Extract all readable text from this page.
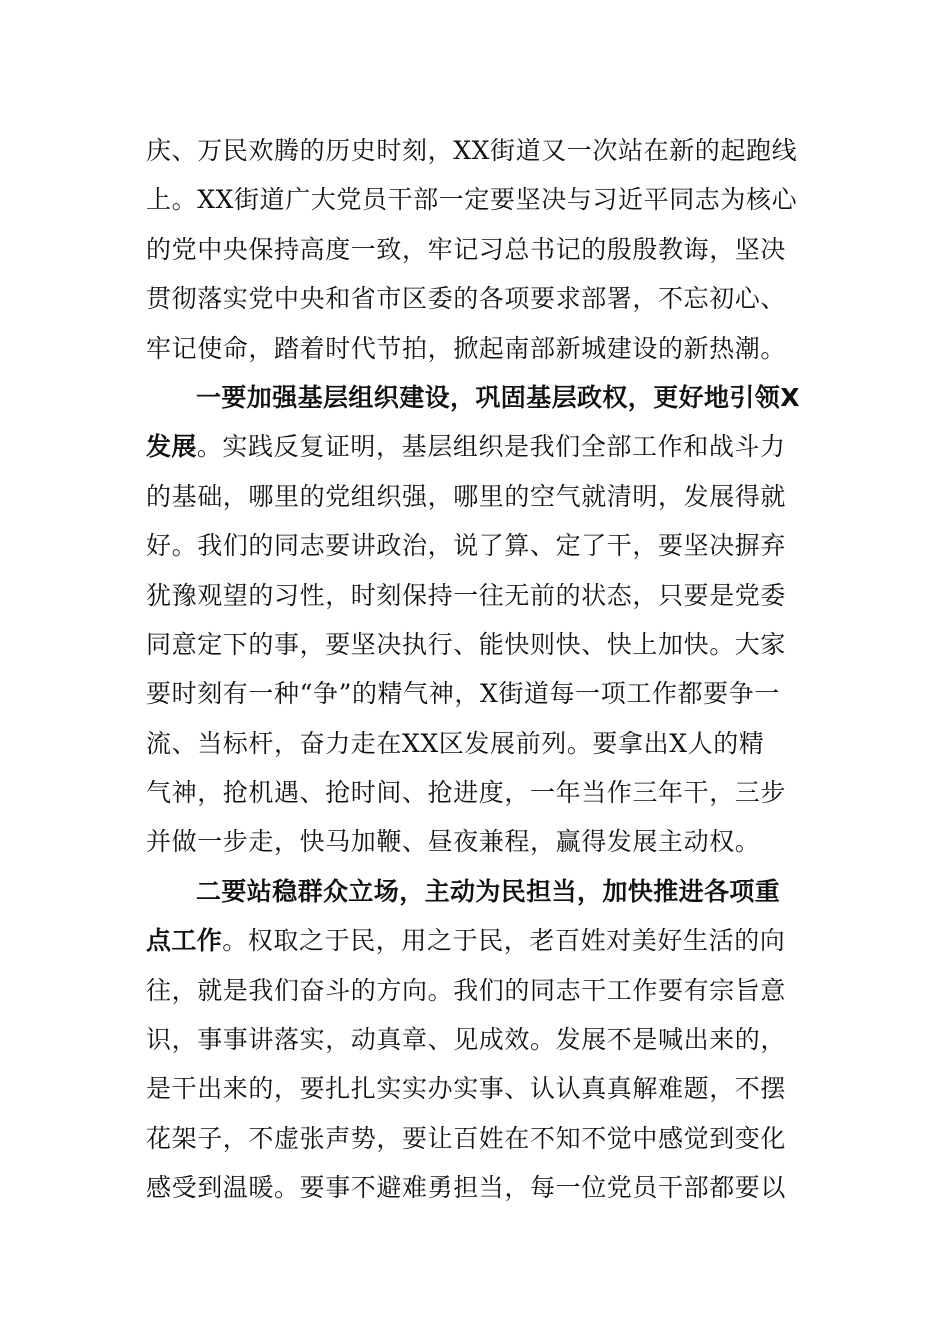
庆、万民欢腾的历史时刻，XX街道又一次站在新的起跑线
上。XX街道广大党员干部一定要坚决与习近平同志为核心
的党中央保持高度一致，牢记习总书记的殷殷教诲，坚决
贯彻落实党中央和省市区委的各项要求部署，不忘初心、
牢记使命，踏着时代节拍，掀起南部新城建设的新热潮。
一要加强基层组织建设，巩固基层政权，更好地引领X
发展。实践反复证明，基层组织是我们全部工作和战斗力
的基础，哪里的党组织强，哪里的空气就清明，发展得就
好。我们的同志要讲政治，说了算、定了干，要坚决摒弃
犹豫观望的习性，时刻保持一往无前的状态，只要是党委
同意定下的事，要坚决执行、能快则快、快上加快。大家
要时刻有一种“争”的精气神，X街道每一项工作都要争一
流、当标杆，奋力走在XX区发展前列。要拿出X人的精
气神，抢机遇、抢时间、抢进度，一年当作三年干，三步
并做一步走，快马加鞭、昼夜兼程，赢得发展主动权。
二要站稳群众立场，主动为民担当，加快推进各项重
点工作。权取之于民，用之于民，老百姓对美好生活的向
往，就是我们奋斗的方向。我们的同志干工作要有宗旨意
识，事事讲落实，动真章、见成效。发展不是喊出来的，
是干出来的，要扎扎实实办实事、认认真真解难题，不摆
花架子，不虚张声势，要让百姓在不知不觉中感觉到变化
感受到温暖。要事不避难勇担当，每一位党员干部都要以
